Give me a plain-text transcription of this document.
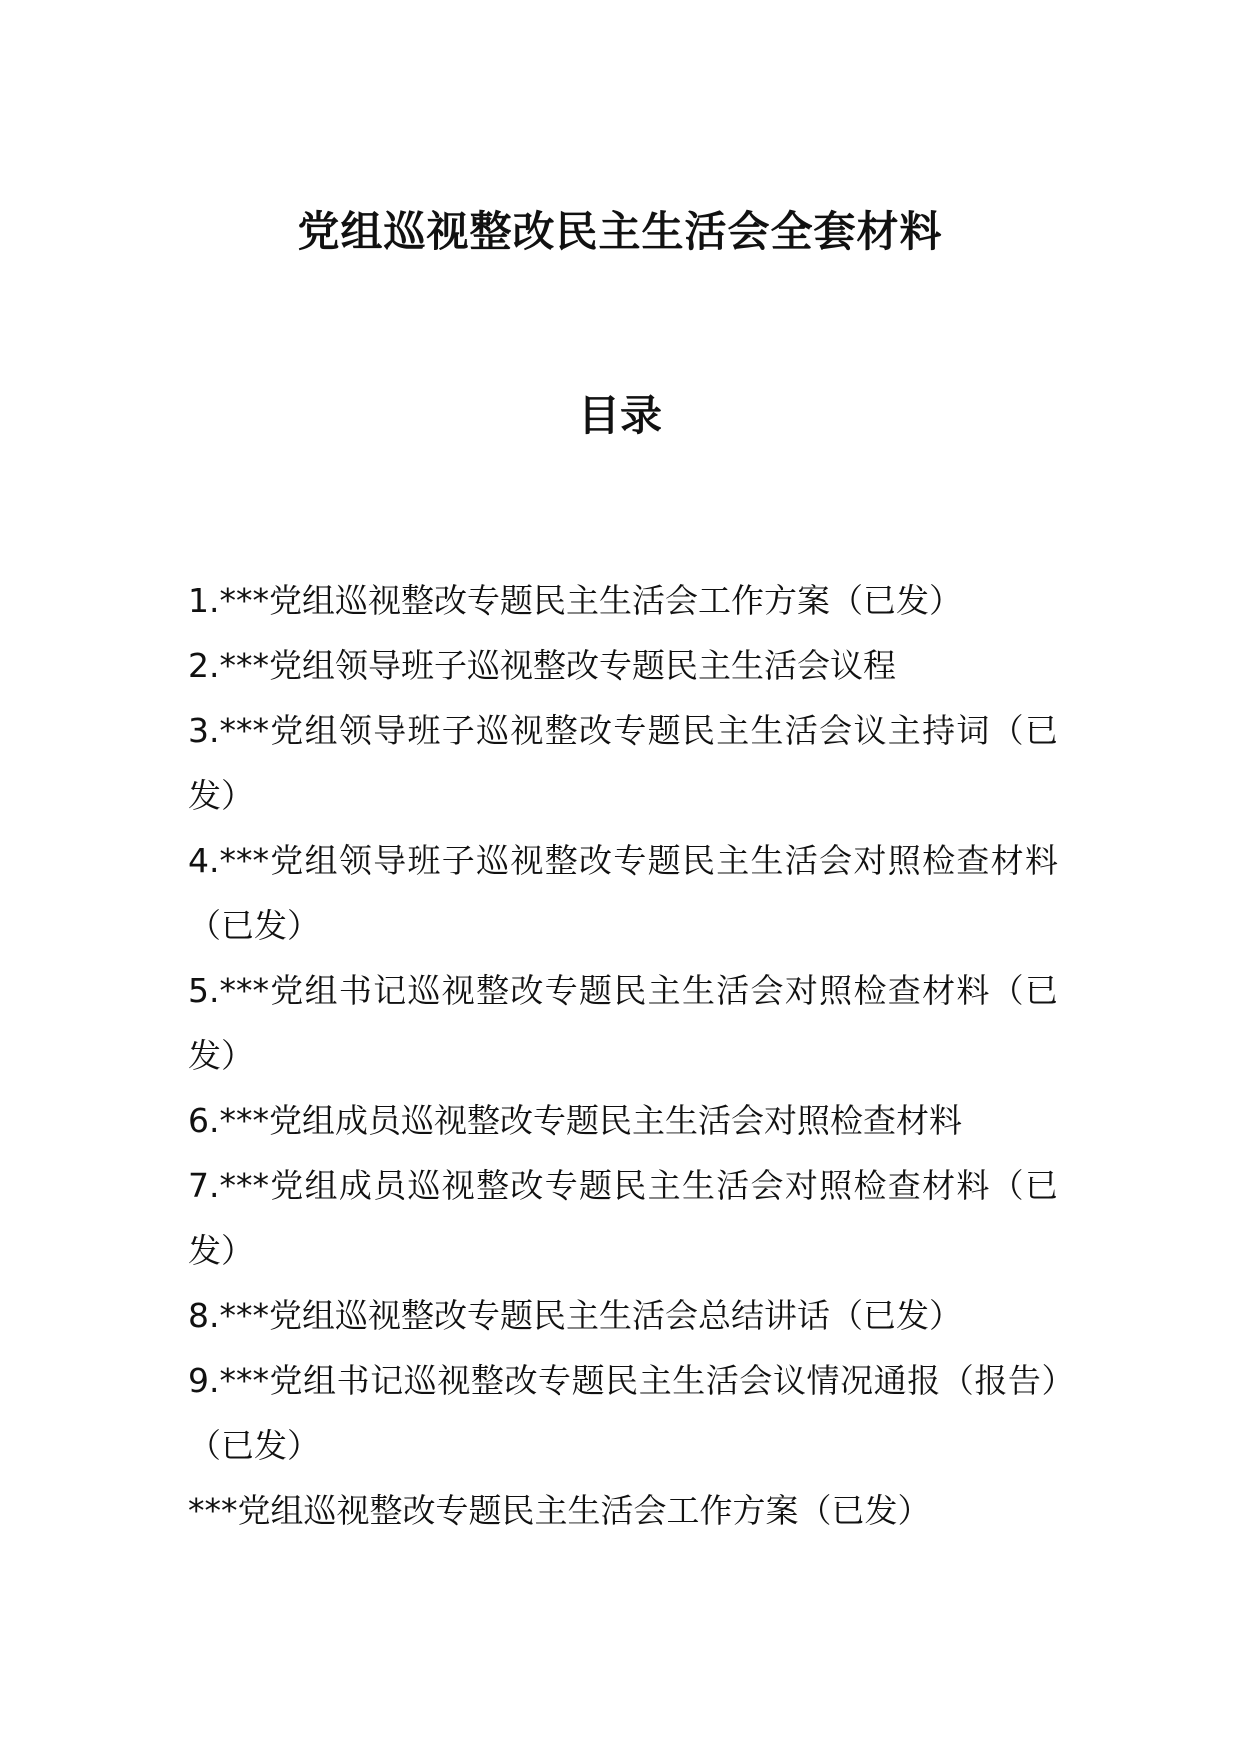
党组巡视整改民主生活会全套材料
目录
1.***党组巡视整改专题民主生活会工作方案（已发）
2.***党组领导班子巡视整改专题民主生活会议程
3.***党组领导班子巡视整改专题民主生活会议主持词（已发）
4.***党组领导班子巡视整改专题民主生活会对照检查材料（已发）
5.***党组书记巡视整改专题民主生活会对照检查材料（已发）
6.***党组成员巡视整改专题民主生活会对照检查材料
7.***党组成员巡视整改专题民主生活会对照检查材料（已发）
8.***党组巡视整改专题民主生活会总结讲话（已发）
9.***党组书记巡视整改专题民主生活会议情况通报（报告）（已发）
***党组巡视整改专题民主生活会工作方案（已发）
